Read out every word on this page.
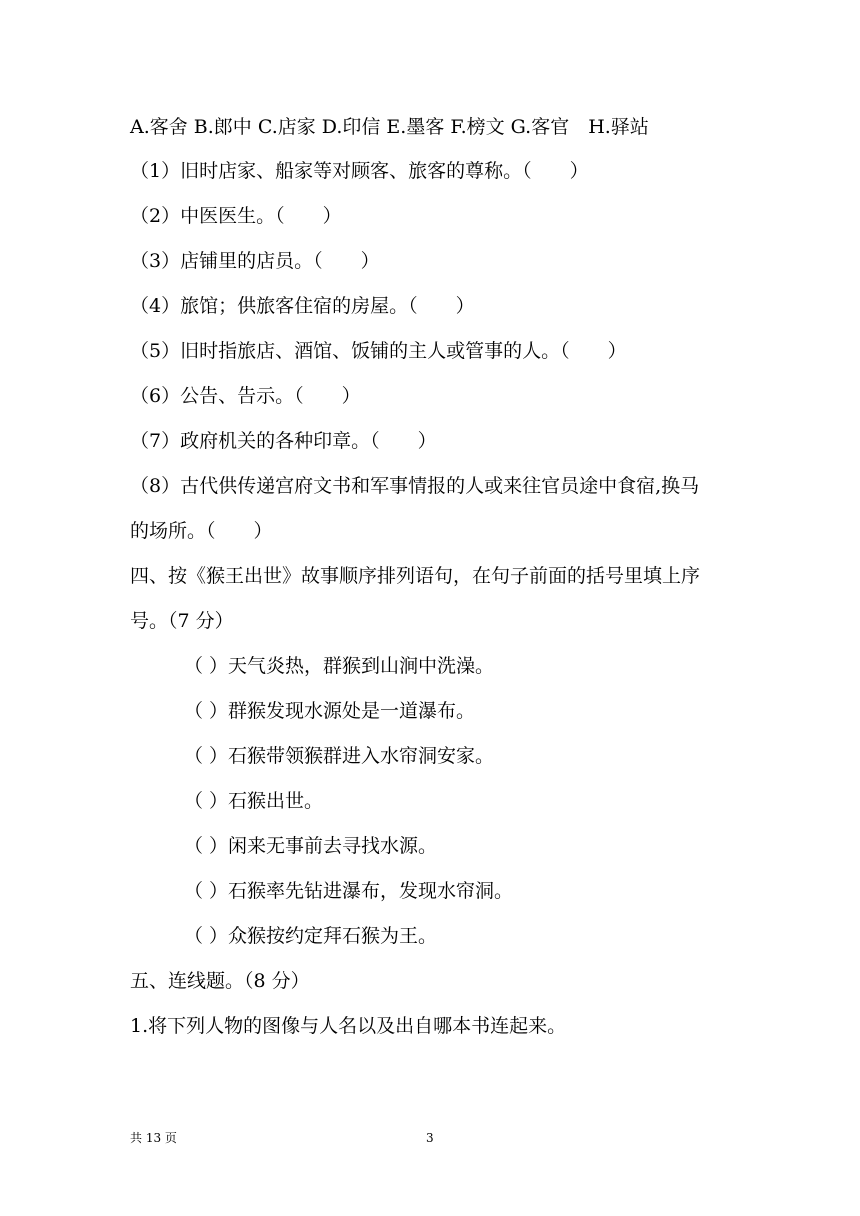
A.客舍 B.郎中 C.店家 D.印信 E.墨客 F.榜文 G.客官　H.驿站
（1）旧时店家、船家等对顾客、旅客的尊称。（　　）
（2）中医医生。（　　）
（3）店铺里的店员。（　　）
（4）旅馆；供旅客住宿的房屋。（　　）
（5）旧时指旅店、酒馆、饭铺的主人或管事的人。（　　）
（6）公告、告示。（　　）
（7）政府机关的各种印章。（　　）
（8）古代供传递宫府文书和军事情报的人或来往官员途中食宿,换马
的场所。（　　）
四、按《猴王出世》故事顺序排列语句，在句子前面的括号里填上序
号。（7 分）
（ ）天气炎热，群猴到山涧中洗澡。
（ ）群猴发现水源处是一道瀑布。
（ ）石猴带领猴群进入水帘洞安家。
（ ）石猴出世。
（ ）闲来无事前去寻找水源。
（ ）石猴率先钻进瀑布，发现水帘洞。
（ ）众猴按约定拜石猴为王。
五、连线题。（8 分）
1.将下列人物的图像与人名以及出自哪本书连起来。
共 13 页	3
